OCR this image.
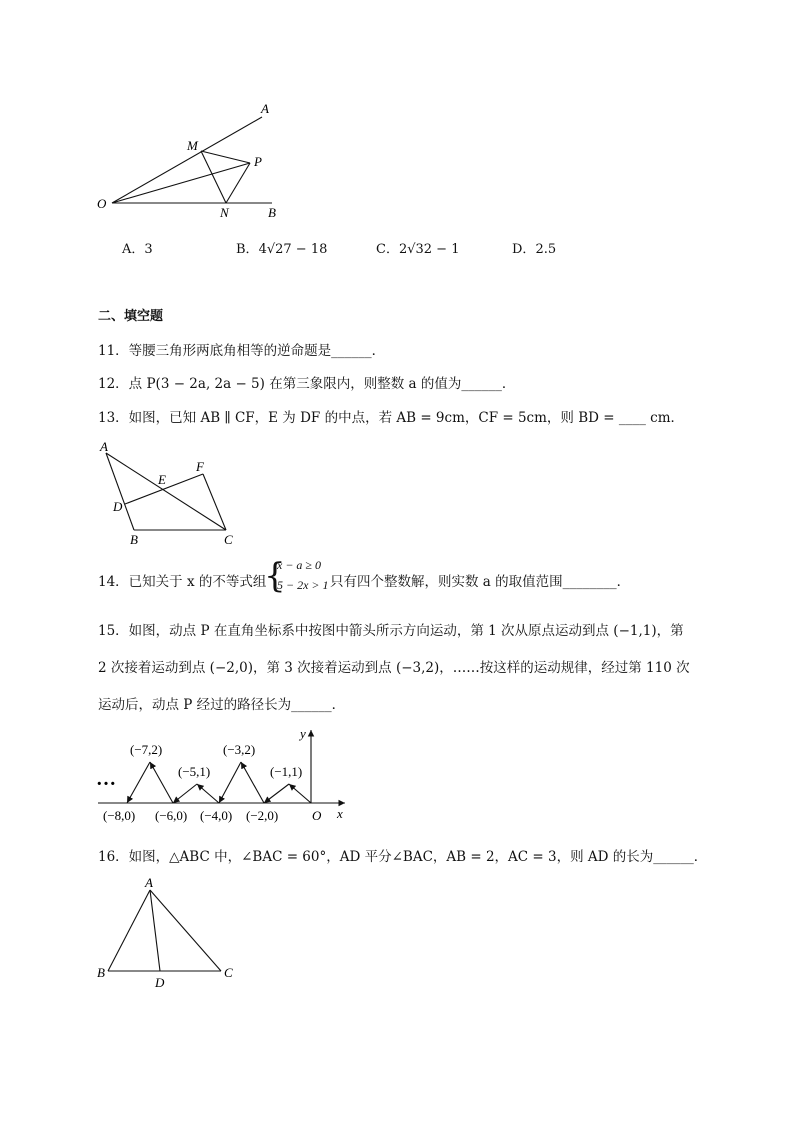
A
M
P
O
N	B
A．3	B．4√27 − 18	C．2√32 − 1	D．2.5
二、填空题
11．等腰三角形两底角相等的逆命题是______．
12．点 P(3 − 2a, 2a − 5) 在第三象限内，则整数 a 的值为______．
13．如图，已知 AB ∥ CF，E 为 DF 的中点，若 AB = 9cm，CF = 5cm，则 BD = ____ cm．
A
E
F
D
B	C
14．已知关于 x 的不等式组
{
x − a ≥ 0
5 − 2x > 1 只有四个整数解，则实数 a 的取值范围________．
15．如图，动点 P 在直角坐标系中按图中箭头所示方向运动，第 1 次从原点运动到点 (−1,1)，第
2 次接着运动到点 (−2,0)，第 3 次接着运动到点 (−3,2)，……按这样的运动规律，经过第 110 次
运动后，动点 P 经过的路径长为______．
…
(−7,2)	(−3,2)
(−5,1)	(−1,1)
(−8,0) (−6,0) (−4,0) (−2,0)	O x
y
16．如图，△ABC 中，∠BAC = 60°，AD 平分∠BAC，AB = 2，AC = 3，则 AD 的长为______．
A
B	C
D
